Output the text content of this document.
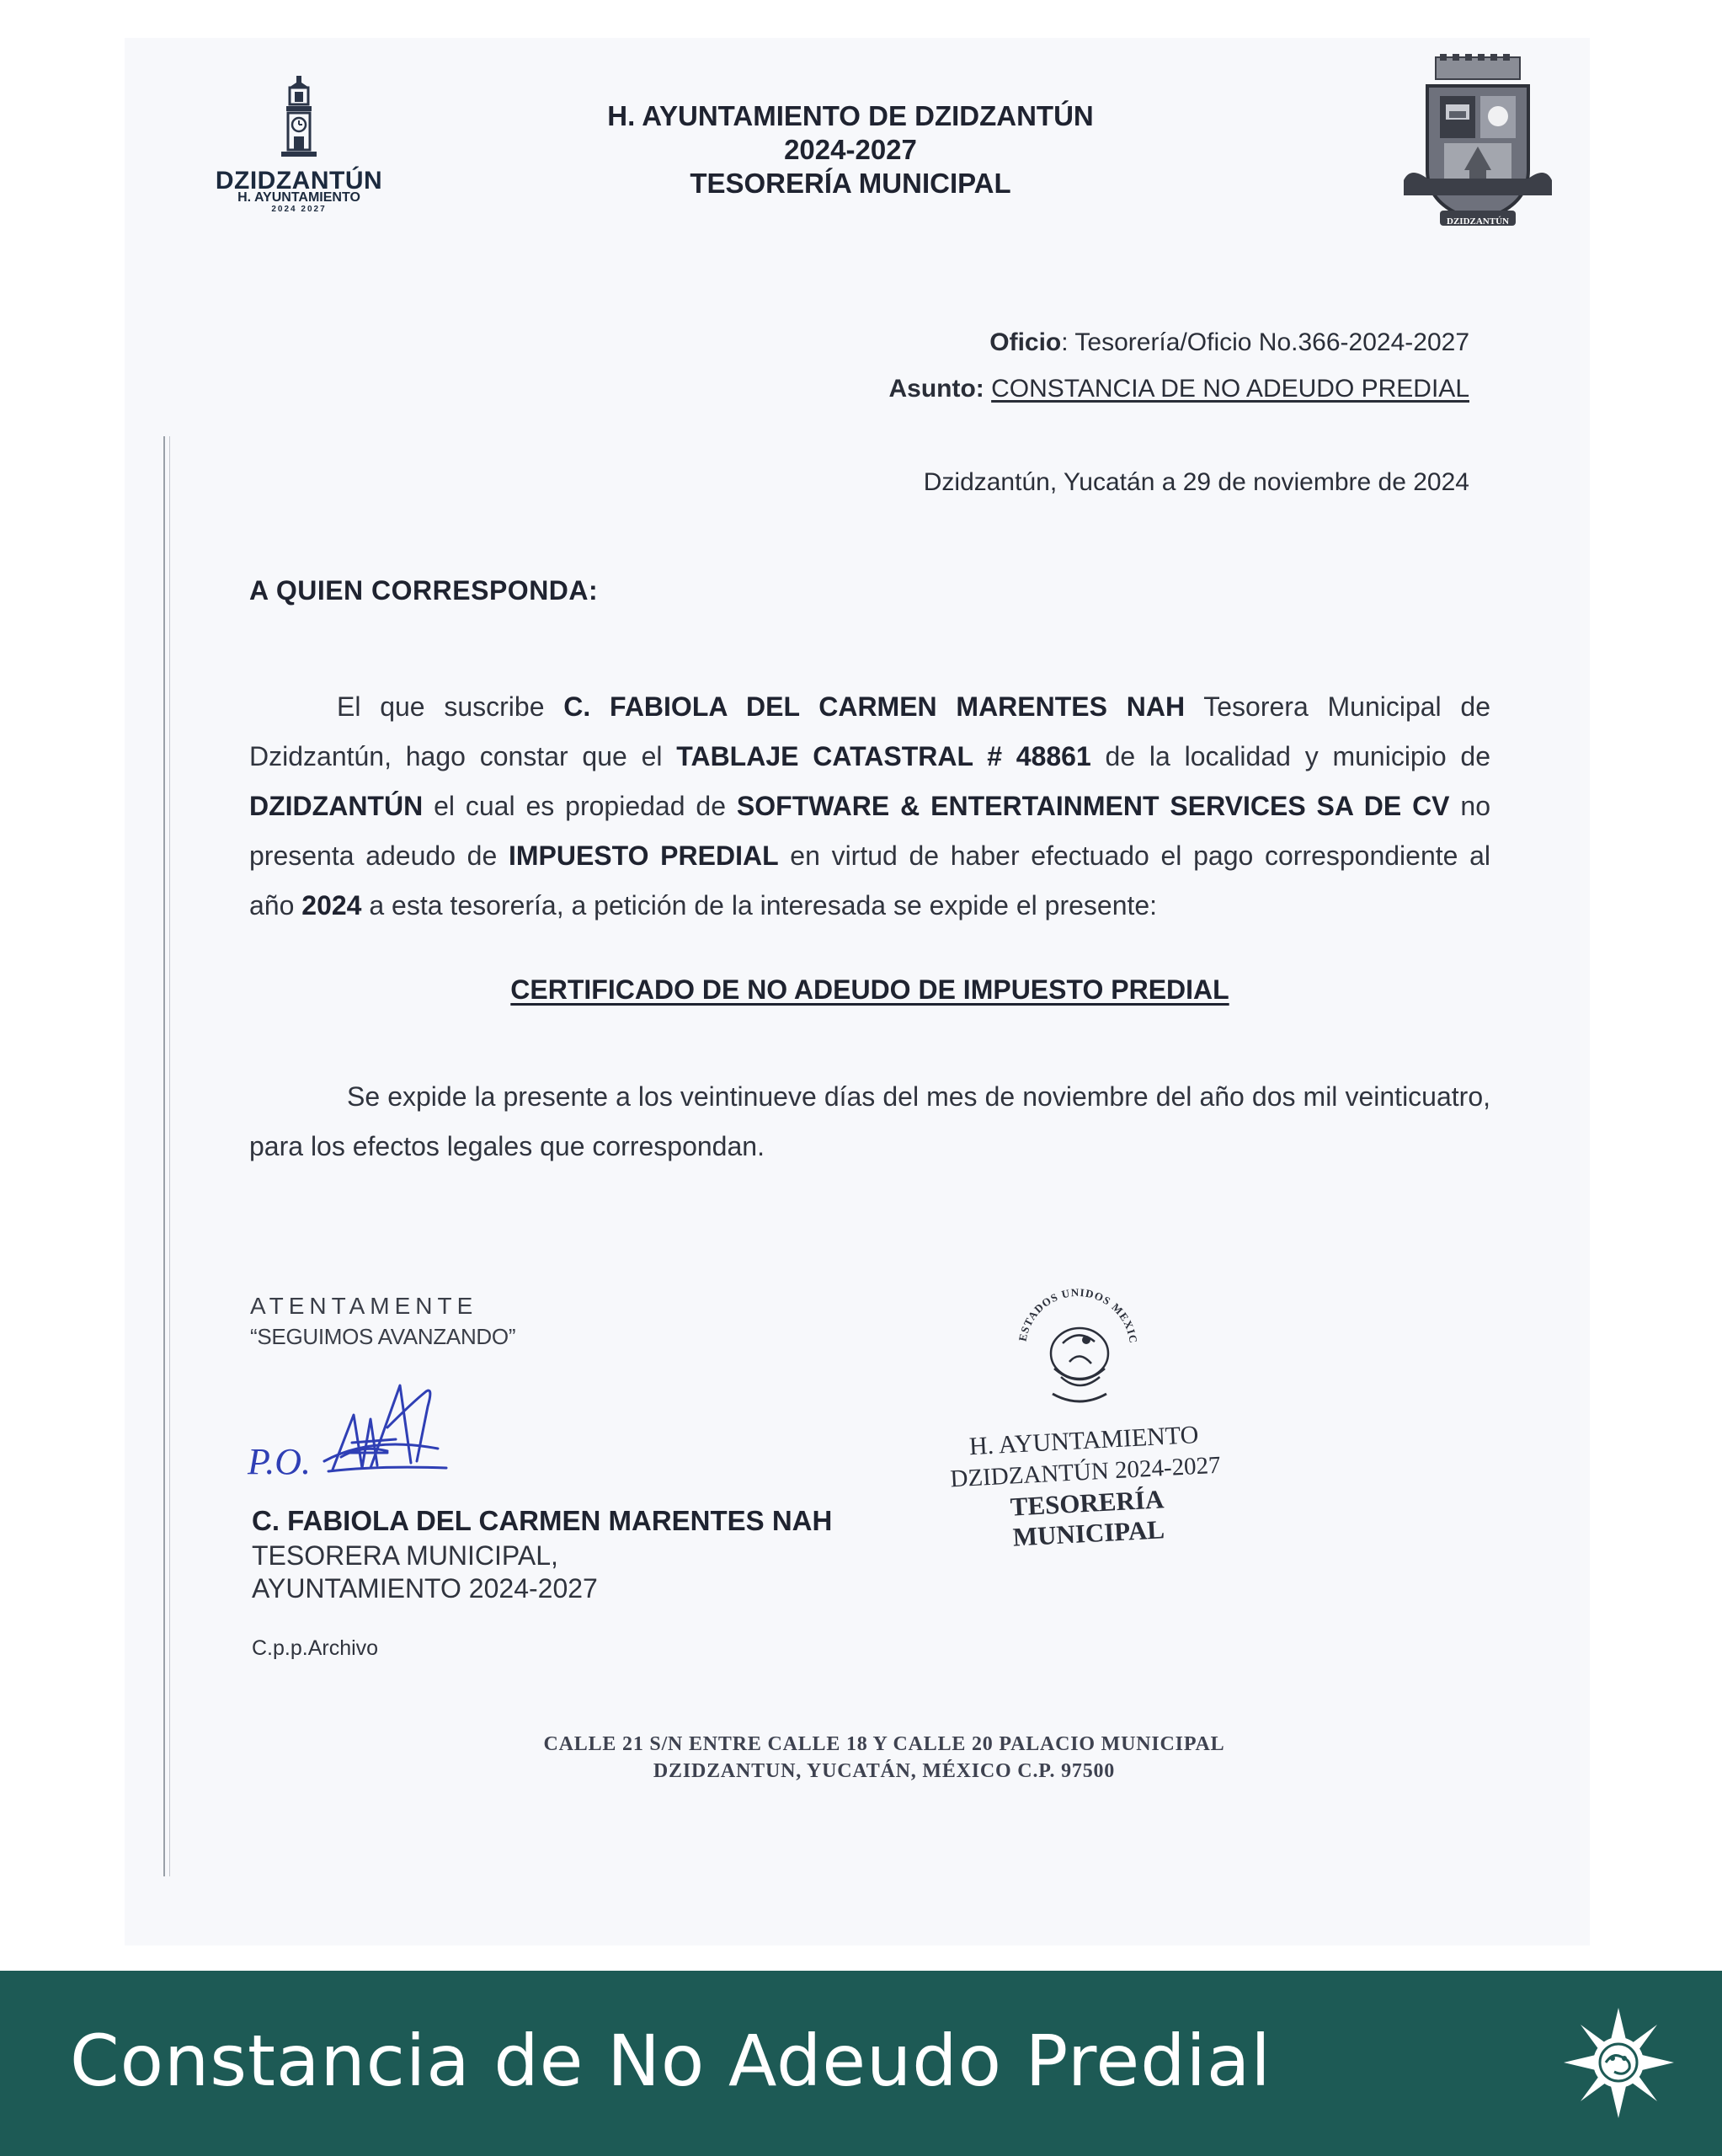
DZIDZANTÚN
H. AYUNTAMIENTO
2024 2027
H. AYUNTAMIENTO DE DZIDZANTÚN
2024-2027
TESORERÍA MUNICIPAL
DZIDZANTÚN
Oficio: Tesorería/Oficio No.366-2024-2027
Asunto: CONSTANCIA DE NO ADEUDO PREDIAL
Dzidzantún, Yucatán a 29 de noviembre de 2024
A QUIEN CORRESPONDA:
El que suscribe C. FABIOLA DEL CARMEN MARENTES NAH Tesorera Municipal de Dzidzantún, hago constar que el TABLAJE CATASTRAL # 48861 de la localidad y municipio de DZIDZANTÚN el cual es propiedad de SOFTWARE & ENTERTAINMENT SERVICES SA DE CV no presenta adeudo de IMPUESTO PREDIAL en virtud de haber efectuado el pago correspondiente al año 2024 a esta tesorería, a petición de la interesada se expide el presente:
CERTIFICADO DE NO ADEUDO DE IMPUESTO PREDIAL
Se expide la presente a los veintinueve días del mes de noviembre del año dos mil veinticuatro, para los efectos legales que correspondan.
ATENTAMENTE
“SEGUIMOS AVANZANDO”
P.O.
C. FABIOLA DEL CARMEN MARENTES NAH
TESORERA MUNICIPAL,
AYUNTAMIENTO 2024-2027
C.p.p.Archivo
ESTADOS UNIDOS MEXIC
H. AYUNTAMIENTO
DZIDZANTÚN 2024-2027
TESORERÍA
MUNICIPAL
CALLE 21 S/N ENTRE CALLE 18 Y CALLE 20 PALACIO MUNICIPAL
DZIDZANTUN, YUCATÁN, MÉXICO C.P. 97500
Constancia de No Adeudo Predial
